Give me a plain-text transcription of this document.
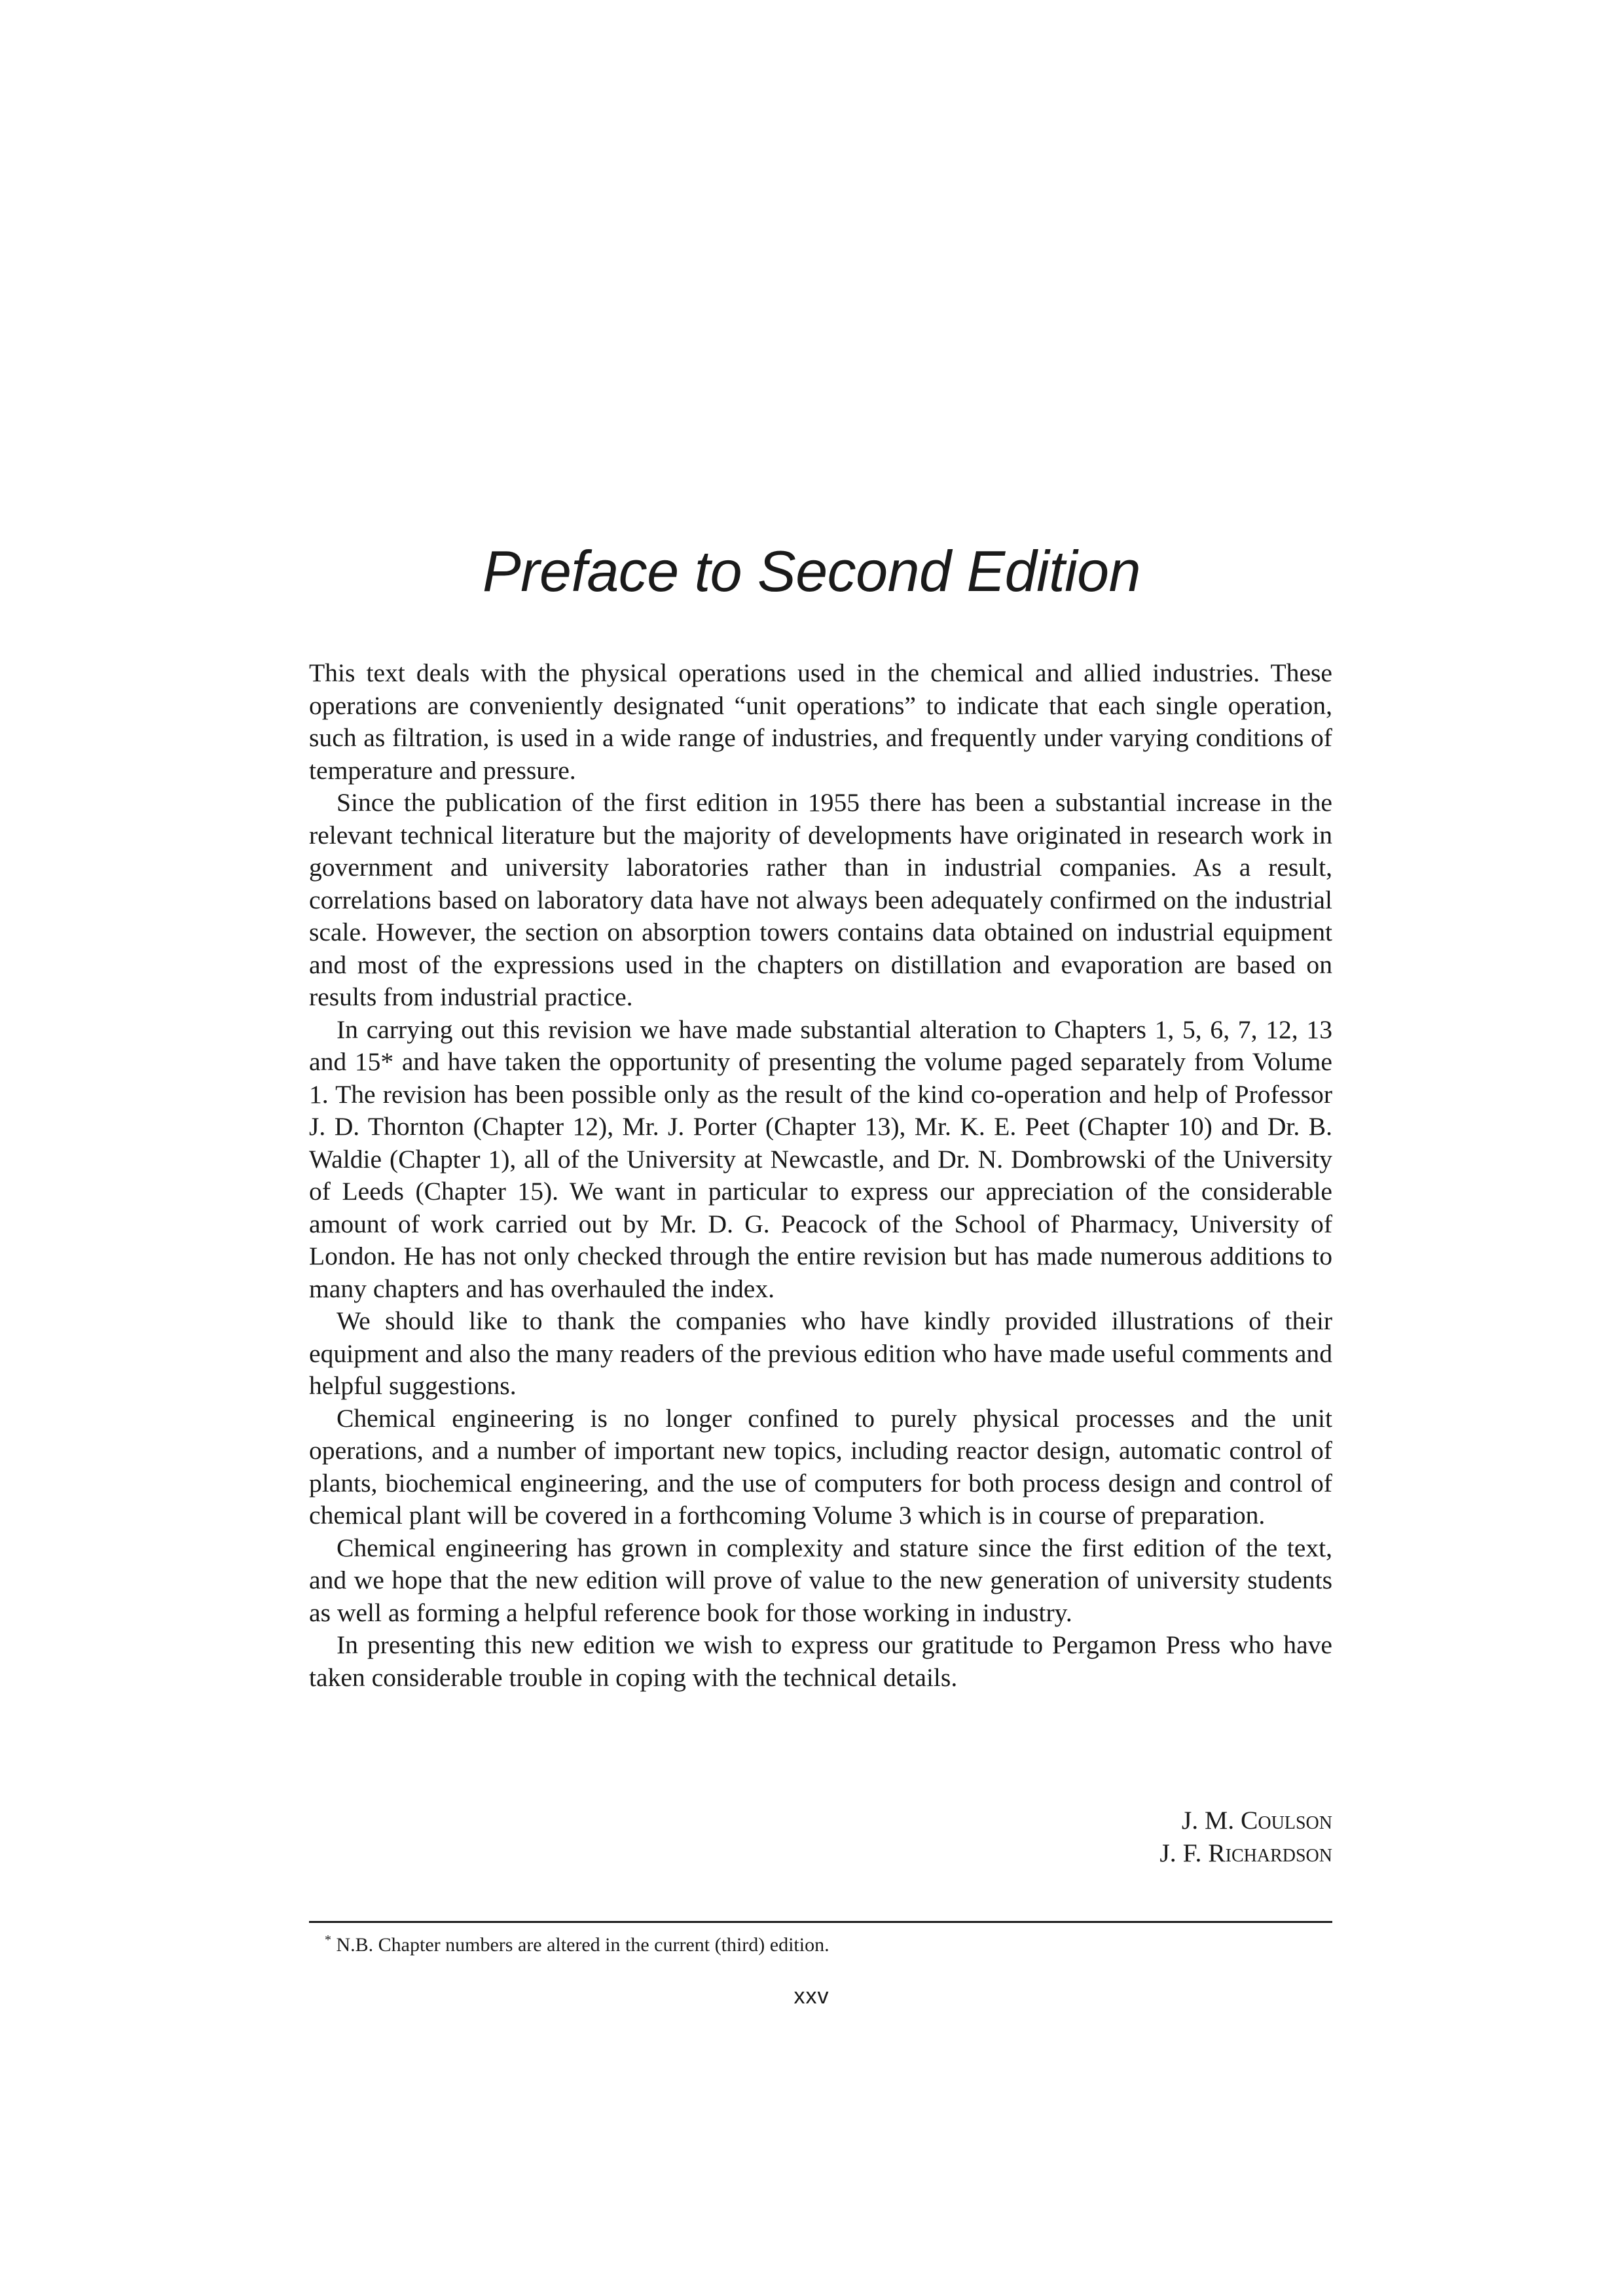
Preface to Second Edition

This text deals with the physical operations used in the chemical and allied industries. These operations are conveniently designated “unit operations” to indicate that each single operation, such as filtration, is used in a wide range of industries, and frequently under varying conditions of temperature and pressure.

Since the publication of the first edition in 1955 there has been a substantial increase in the relevant technical literature but the majority of developments have originated in research work in government and university laboratories rather than in industrial companies. As a result, correlations based on laboratory data have not always been adequately confirmed on the industrial scale. However, the section on absorption towers contains data obtained on industrial equipment and most of the expressions used in the chapters on distillation and evaporation are based on results from industrial practice.

In carrying out this revision we have made substantial alteration to Chapters 1, 5, 6, 7, 12, 13 and 15* and have taken the opportunity of presenting the volume paged separately from Volume 1. The revision has been possible only as the result of the kind co-operation and help of Professor J. D. Thornton (Chapter 12), Mr. J. Porter (Chapter 13), Mr. K. E. Peet (Chapter 10) and Dr. B. Waldie (Chapter 1), all of the University at Newcastle, and Dr. N. Dombrowski of the University of Leeds (Chapter 15). We want in particular to express our appreciation of the considerable amount of work carried out by Mr. D. G. Peacock of the School of Pharmacy, University of London. He has not only checked through the entire revision but has made numerous additions to many chapters and has overhauled the index.

We should like to thank the companies who have kindly provided illustrations of their equipment and also the many readers of the previous edition who have made useful comments and helpful suggestions.

Chemical engineering is no longer confined to purely physical processes and the unit operations, and a number of important new topics, including reactor design, automatic control of plants, biochemical engineering, and the use of computers for both process design and control of chemical plant will be covered in a forthcoming Volume 3 which is in course of preparation.

Chemical engineering has grown in complexity and stature since the first edition of the text, and we hope that the new edition will prove of value to the new generation of university students as well as forming a helpful reference book for those working in industry.

In presenting this new edition we wish to express our gratitude to Pergamon Press who have taken considerable trouble in coping with the technical details.

J. M. Coulson
J. F. Richardson
* N.B. Chapter numbers are altered in the current (third) edition.
xxv
